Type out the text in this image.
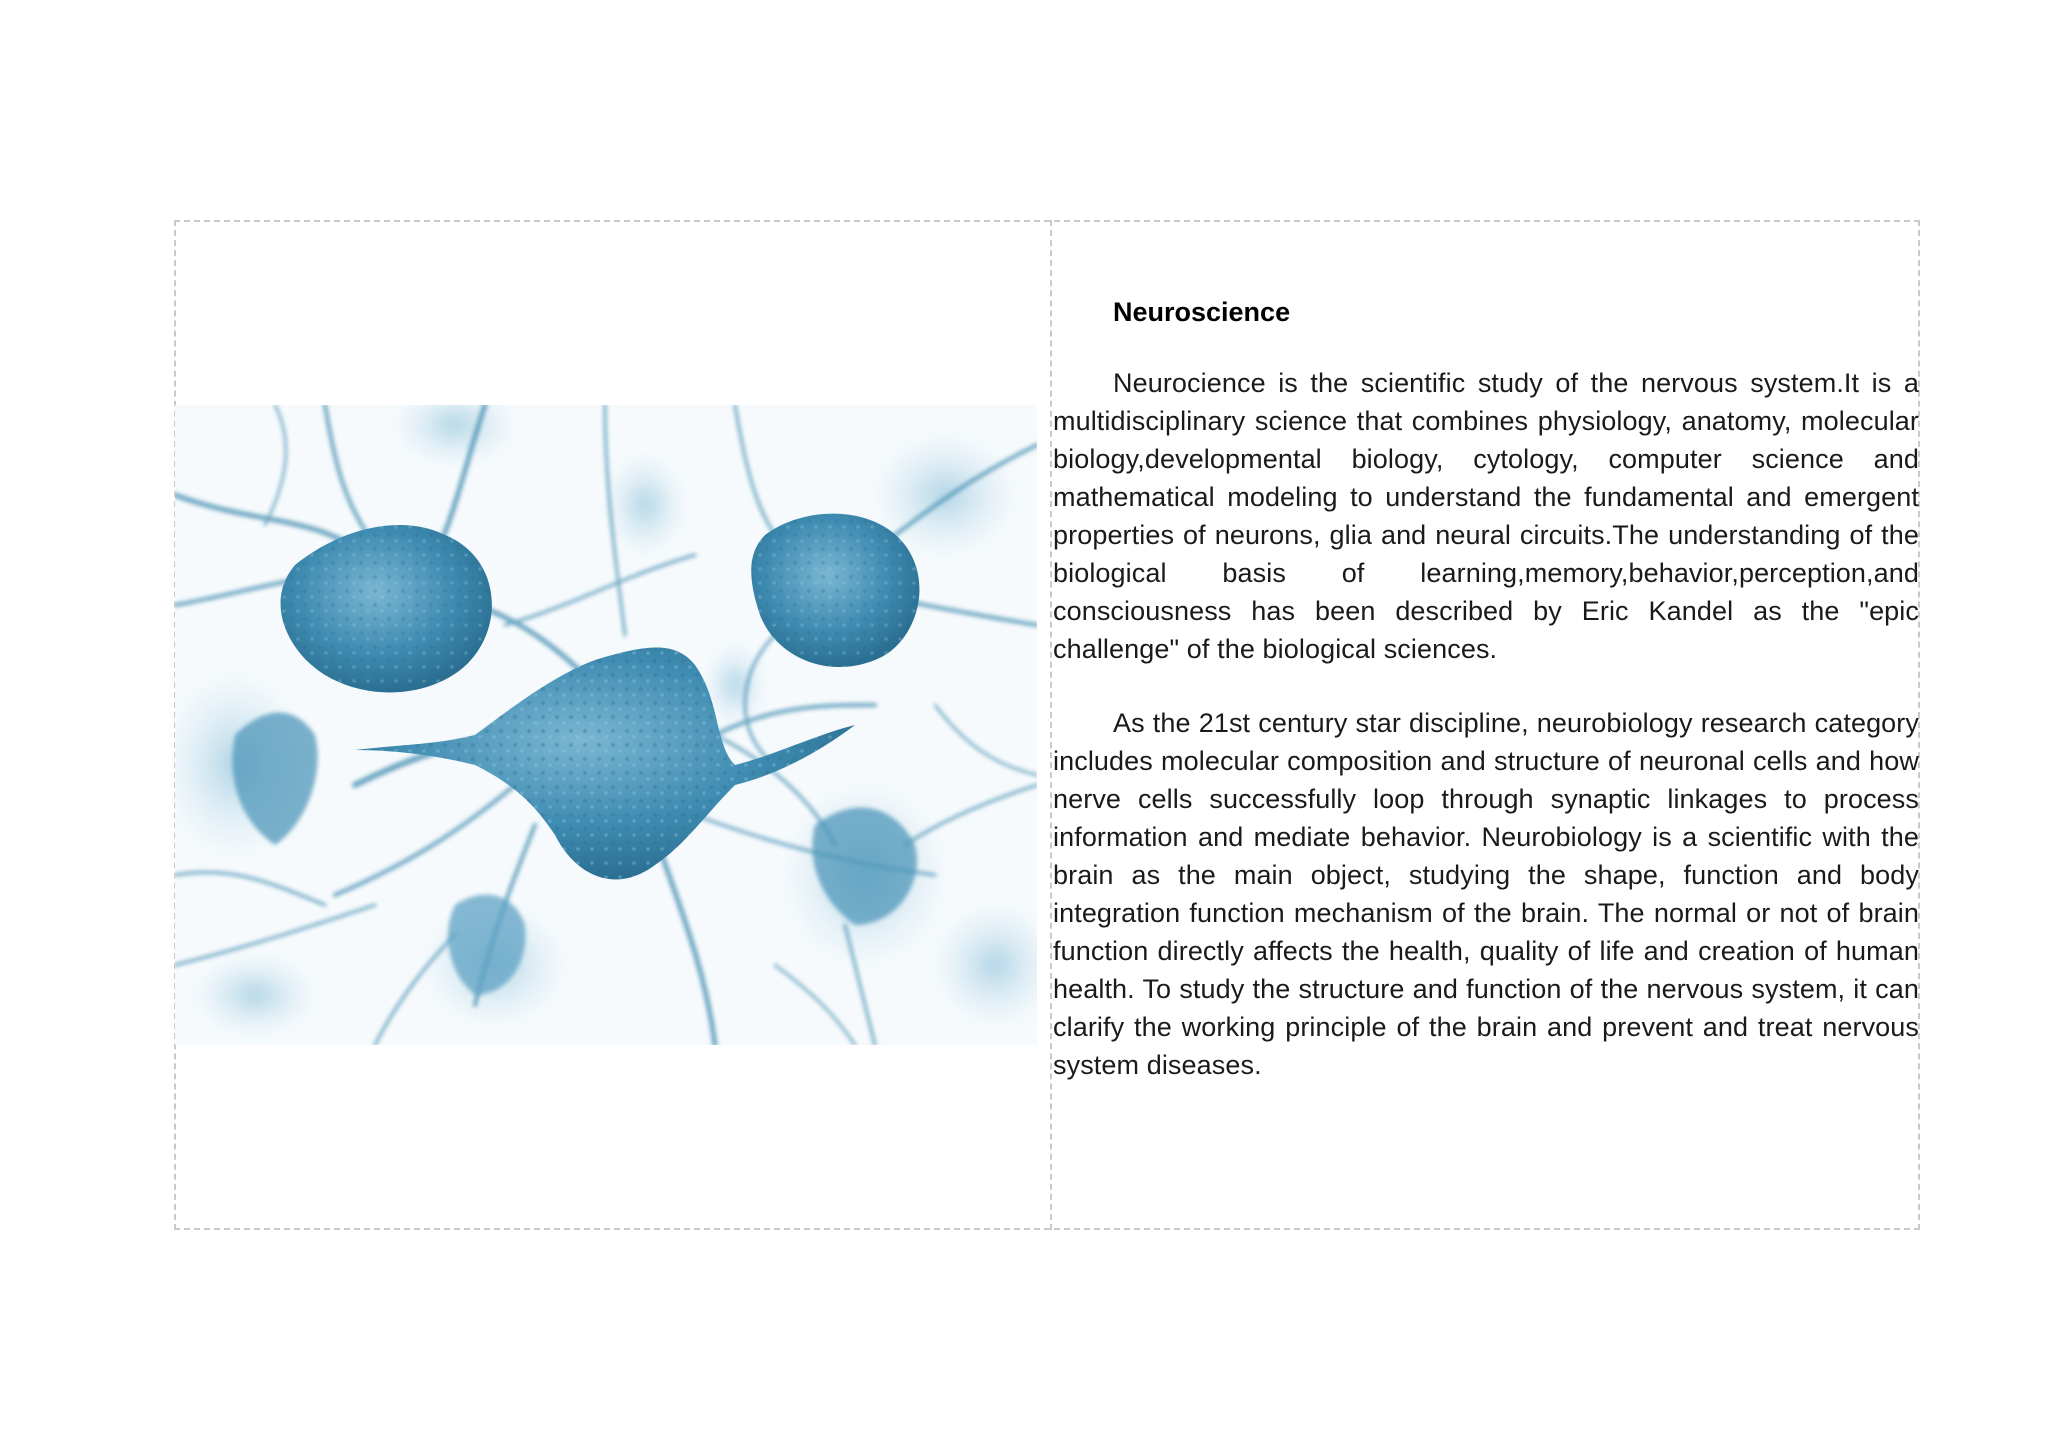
Neuroscience

Neurocience is the scientific study of the nervous system.It is a multidisciplinary science that combines physiology, anatomy, molecular biology,developmental biology, cytology, computer science and mathematical modeling to understand the fundamental and emergent properties of neurons, glia and neural circuits.The understanding of the biological basis of learning,memory,behavior,perception,and consciousness has been described by Eric Kandel as the "epic challenge" of the biological sciences.

As the 21st century star discipline, neurobiology research category includes molecular composition and structure of neuronal cells and how nerve cells successfully loop through synaptic linkages to process information and mediate behavior. Neurobiology is a scientific with the brain as the main object, studying the shape, function and body integration function mechanism of the brain. The normal or not of brain function directly affects the health, quality of life and creation of human health. To study the structure and function of the nervous system, it can clarify the working principle of the brain and prevent and treat nervous system diseases.
